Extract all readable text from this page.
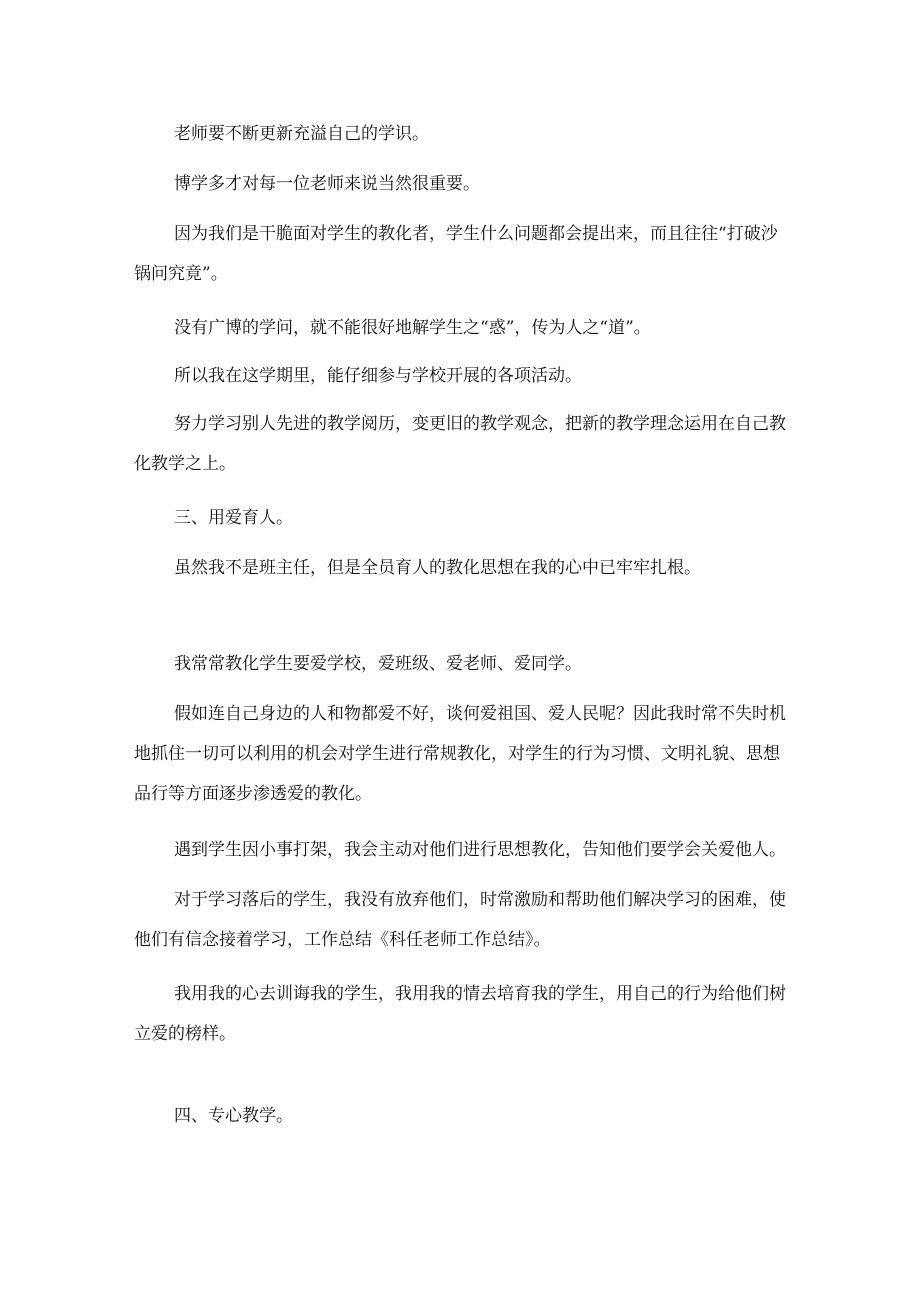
老师要不断更新充溢自己的学识。

博学多才对每一位老师来说当然很重要。

因为我们是干脆面对学生的教化者，学生什么问题都会提出来，而且往往“打破沙锅问究竟”。

没有广博的学问，就不能很好地解学生之“惑”，传为人之“道”。

所以我在这学期里，能仔细参与学校开展的各项活动。

努力学习别人先进的教学阅历，变更旧的教学观念，把新的教学理念运用在自己教化教学之上。

三、用爱育人。

虽然我不是班主任，但是全员育人的教化思想在我的心中已牢牢扎根。

我常常教化学生要爱学校，爱班级、爱老师、爱同学。

假如连自己身边的人和物都爱不好，谈何爱祖国、爱人民呢？因此我时常不失时机地抓住一切可以利用的机会对学生进行常规教化，对学生的行为习惯、文明礼貌、思想品行等方面逐步渗透爱的教化。

遇到学生因小事打架，我会主动对他们进行思想教化，告知他们要学会关爱他人。

对于学习落后的学生，我没有放弃他们，时常激励和帮助他们解决学习的困难，使他们有信念接着学习，工作总结《科任老师工作总结》。

我用我的心去训诲我的学生，我用我的情去培育我的学生，用自己的行为给他们树立爱的榜样。

四、专心教学。
